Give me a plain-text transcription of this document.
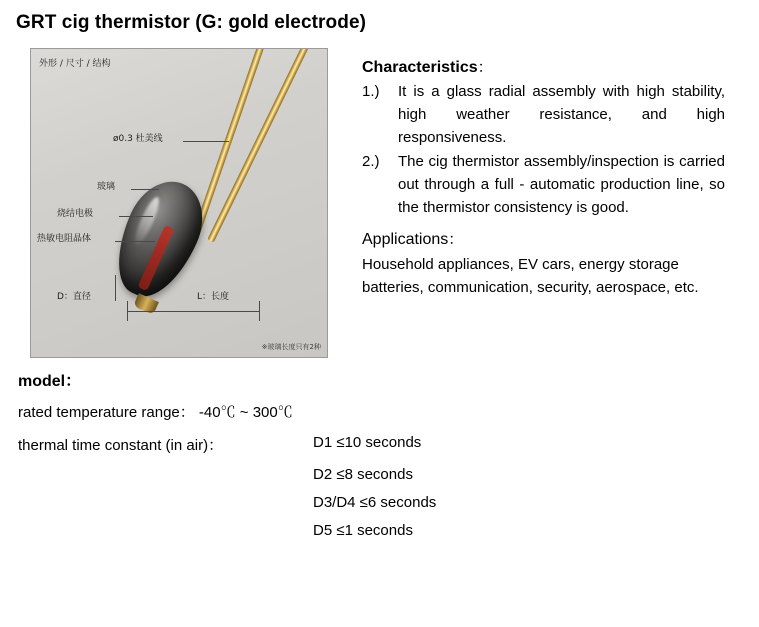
GRT cig thermistor (G: gold electrode)
外形 / 尺寸 / 结构
ø0.3 杜美线
玻璃
烧结电极
热敏电阻晶体
D：直径	L：长度
※玻璃长度只有2种
Characteristics：
1.)	It is a glass radial assembly with high stability, high weather resistance, and high responsiveness.
2.)	The cig thermistor assembly/inspection is carried out through a full - automatic production line, so the thermistor consistency is good.
Applications：

Household appliances, EV cars, energy storage batteries, communication, security, aerospace, etc.

model：
rated temperature range： -40℃ ~ 300℃
thermal time constant (in air)：	D1 ≤10 seconds
D2 ≤8 seconds
D3/D4 ≤6 seconds
D5 ≤1 seconds
